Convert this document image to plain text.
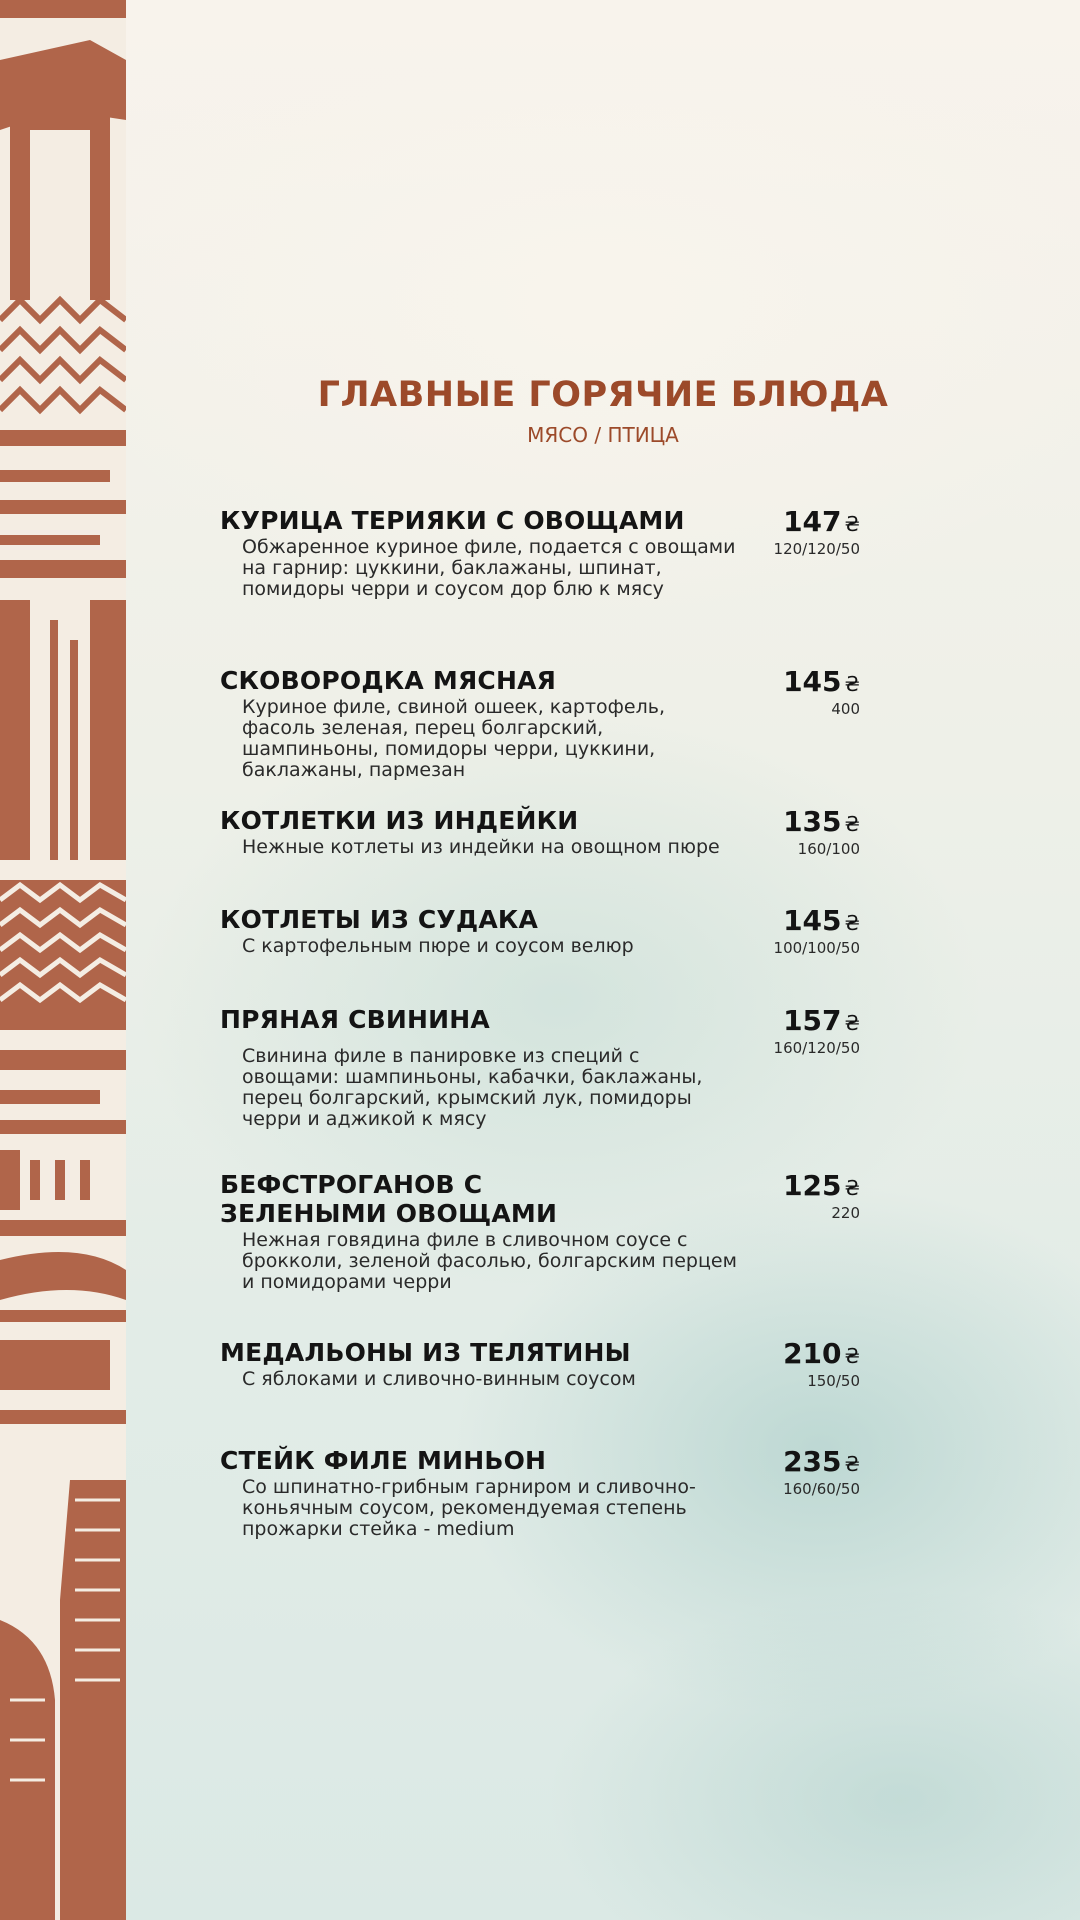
ГЛАВНЫЕ ГОРЯЧИЕ БЛЮДА
МЯСО / ПТИЦА
КУРИЦА ТЕРИЯКИ С ОВОЩАМИ
Обжаренное куриное филе, подается с овощами на гарнир: цуккини, баклажаны, шпинат, помидоры черри и соусом дор блю к мясу
147 ₴
120/120/50
СКОВОРОДКА МЯСНАЯ
Куриное филе, свиной ошеек, картофель, фасоль зеленая, перец болгарский, шампиньоны, помидоры черри, цуккини, баклажаны, пармезан
145 ₴
400
КОТЛЕТКИ ИЗ ИНДЕЙКИ
Нежные котлеты из индейки на овощном пюре
135 ₴
160/100
КОТЛЕТЫ ИЗ СУДАКА
С картофельным пюре и соусом велюр
145 ₴
100/100/50
ПРЯНАЯ СВИНИНА
Свинина филе в панировке из специй с овощами: шампиньоны, кабачки, баклажаны, перец болгарский, крымский лук, помидоры черри и аджикой к мясу
157 ₴
160/120/50
БЕФСТРОГАНОВ С ЗЕЛЕНЫМИ ОВОЩАМИ
Нежная говядина филе в сливочном соусе с брокколи, зеленой фасолью, болгарским перцем и помидорами черри
125 ₴
220
МЕДАЛЬОНЫ ИЗ ТЕЛЯТИНЫ
С яблоками и сливочно-винным соусом
210 ₴
150/50
СТЕЙК ФИЛЕ МИНЬОН
Со шпинатно-грибным гарниром и сливочно-коньячным соусом, рекомендуемая степень прожарки стейка - medium
235 ₴
160/60/50
